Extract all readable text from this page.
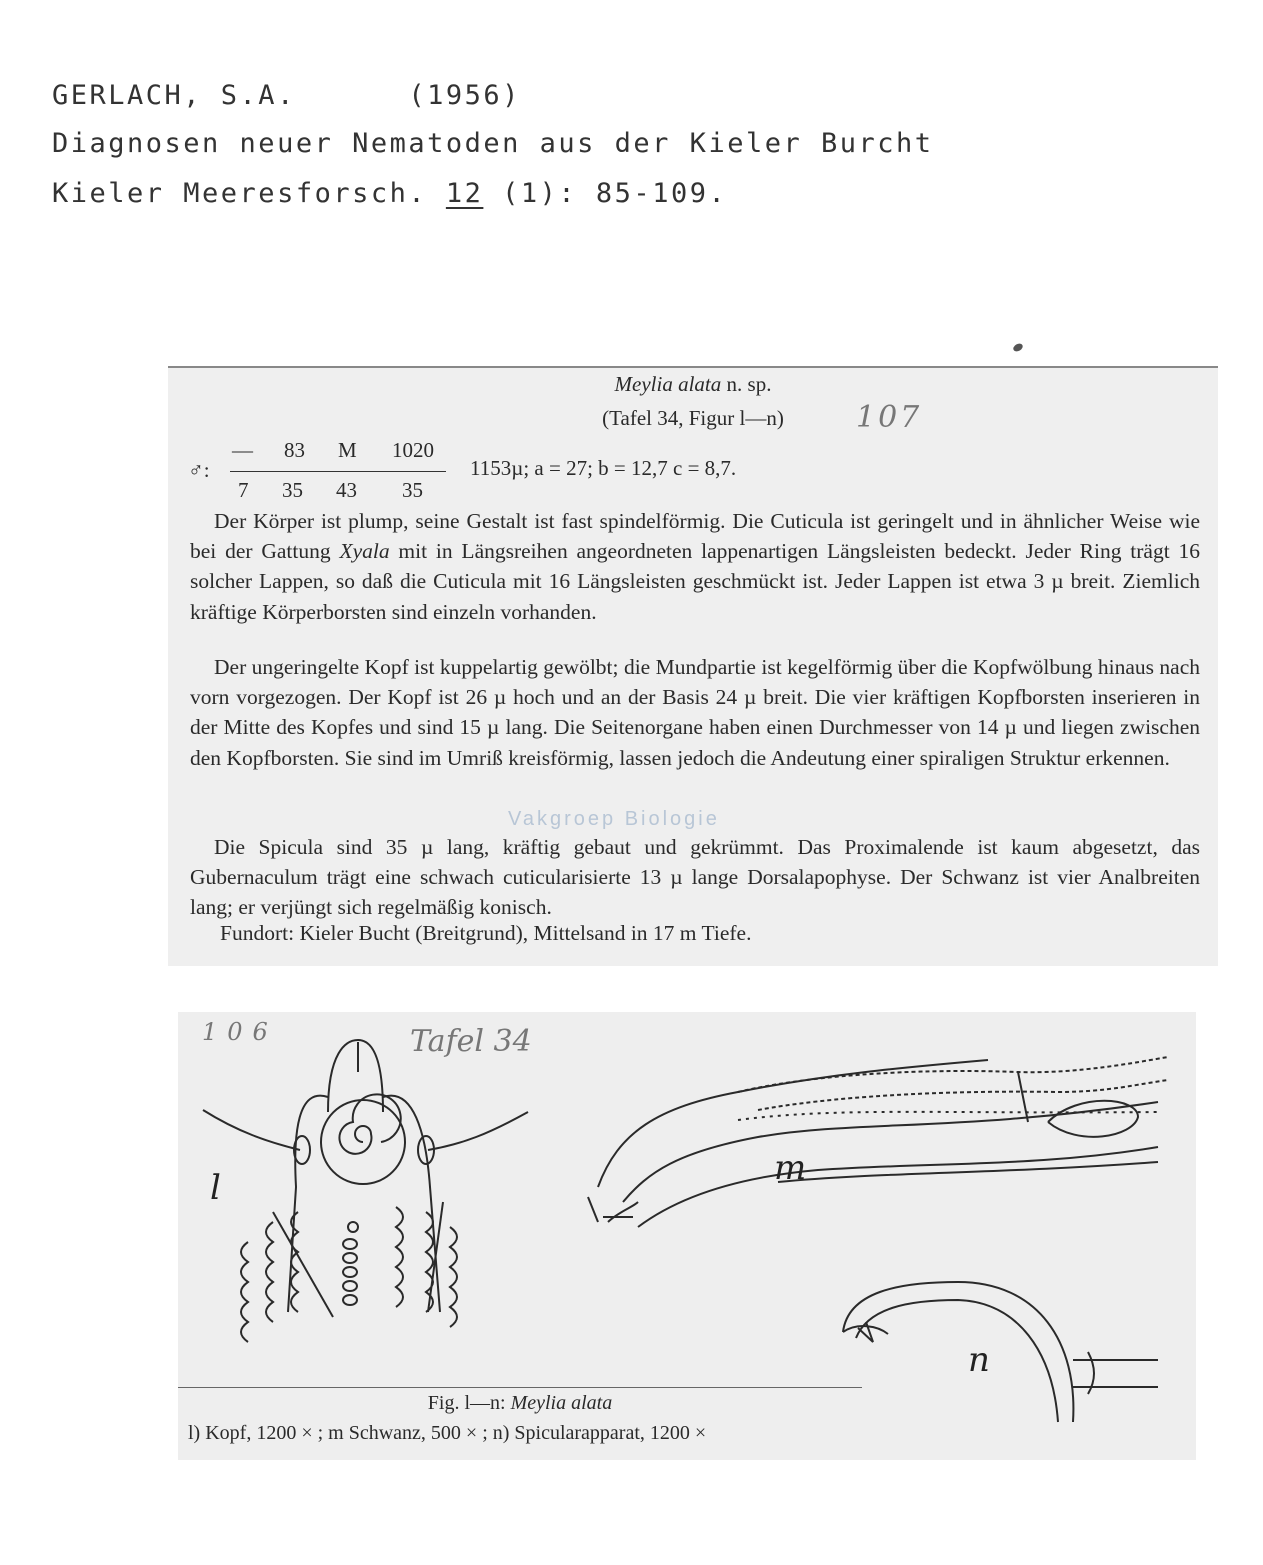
GERLACH, S.A.	(1956)
Diagnosen neuer Nematoden aus der Kieler Burcht
Kieler Meeresforsch. 12 (1): 85-109.
Meylia alata n. sp.
(Tafel 34, Figur l—n)	107
♂:
— 83 M 1020
7 35 43 35
1153µ; a = 27; b = 12,7 c = 8,7.

Der Körper ist plump, seine Gestalt ist fast spindelförmig. Die Cuticula ist geringelt und in ähnlicher Weise wie bei der Gattung Xyala mit in Längsreihen angeordneten lappenartigen Längsleisten bedeckt. Jeder Ring trägt 16 solcher Lappen, so daß die Cuticula mit 16 Längsleisten geschmückt ist. Jeder Lappen ist etwa 3 µ breit. Ziemlich kräftige Körperborsten sind einzeln vorhanden.

Der ungeringelte Kopf ist kuppelartig gewölbt; die Mundpartie ist kegelförmig über die Kopfwölbung hinaus nach vorn vorgezogen. Der Kopf ist 26 µ hoch und an der Basis 24 µ breit. Die vier kräftigen Kopfborsten inserieren in der Mitte des Kopfes und sind 15 µ lang. Die Seitenorgane haben einen Durchmesser von 14 µ und liegen zwischen den Kopfborsten. Sie sind im Umriß kreisförmig, lassen jedoch die Andeutung einer spiraligen Struktur erkennen.

Die Spicula sind 35 µ lang, kräftig gebaut und gekrümmt. Das Proximalende ist kaum abgesetzt, das Gubernaculum trägt eine schwach cuticularisierte 13 µ lange Dorsalapophyse. Der Schwanz ist vier Analbreiten lang; er verjüngt sich regelmäßig konisch.

Fundort: Kieler Bucht (Breitgrund), Mittelsand in 17 m Tiefe.

Vakgroep Biologie
106	Tafel 34
l	m
n
Fig. l—n: Meylia alata
l) Kopf, 1200 × ; m Schwanz, 500 × ; n) Spicularapparat, 1200 ×
